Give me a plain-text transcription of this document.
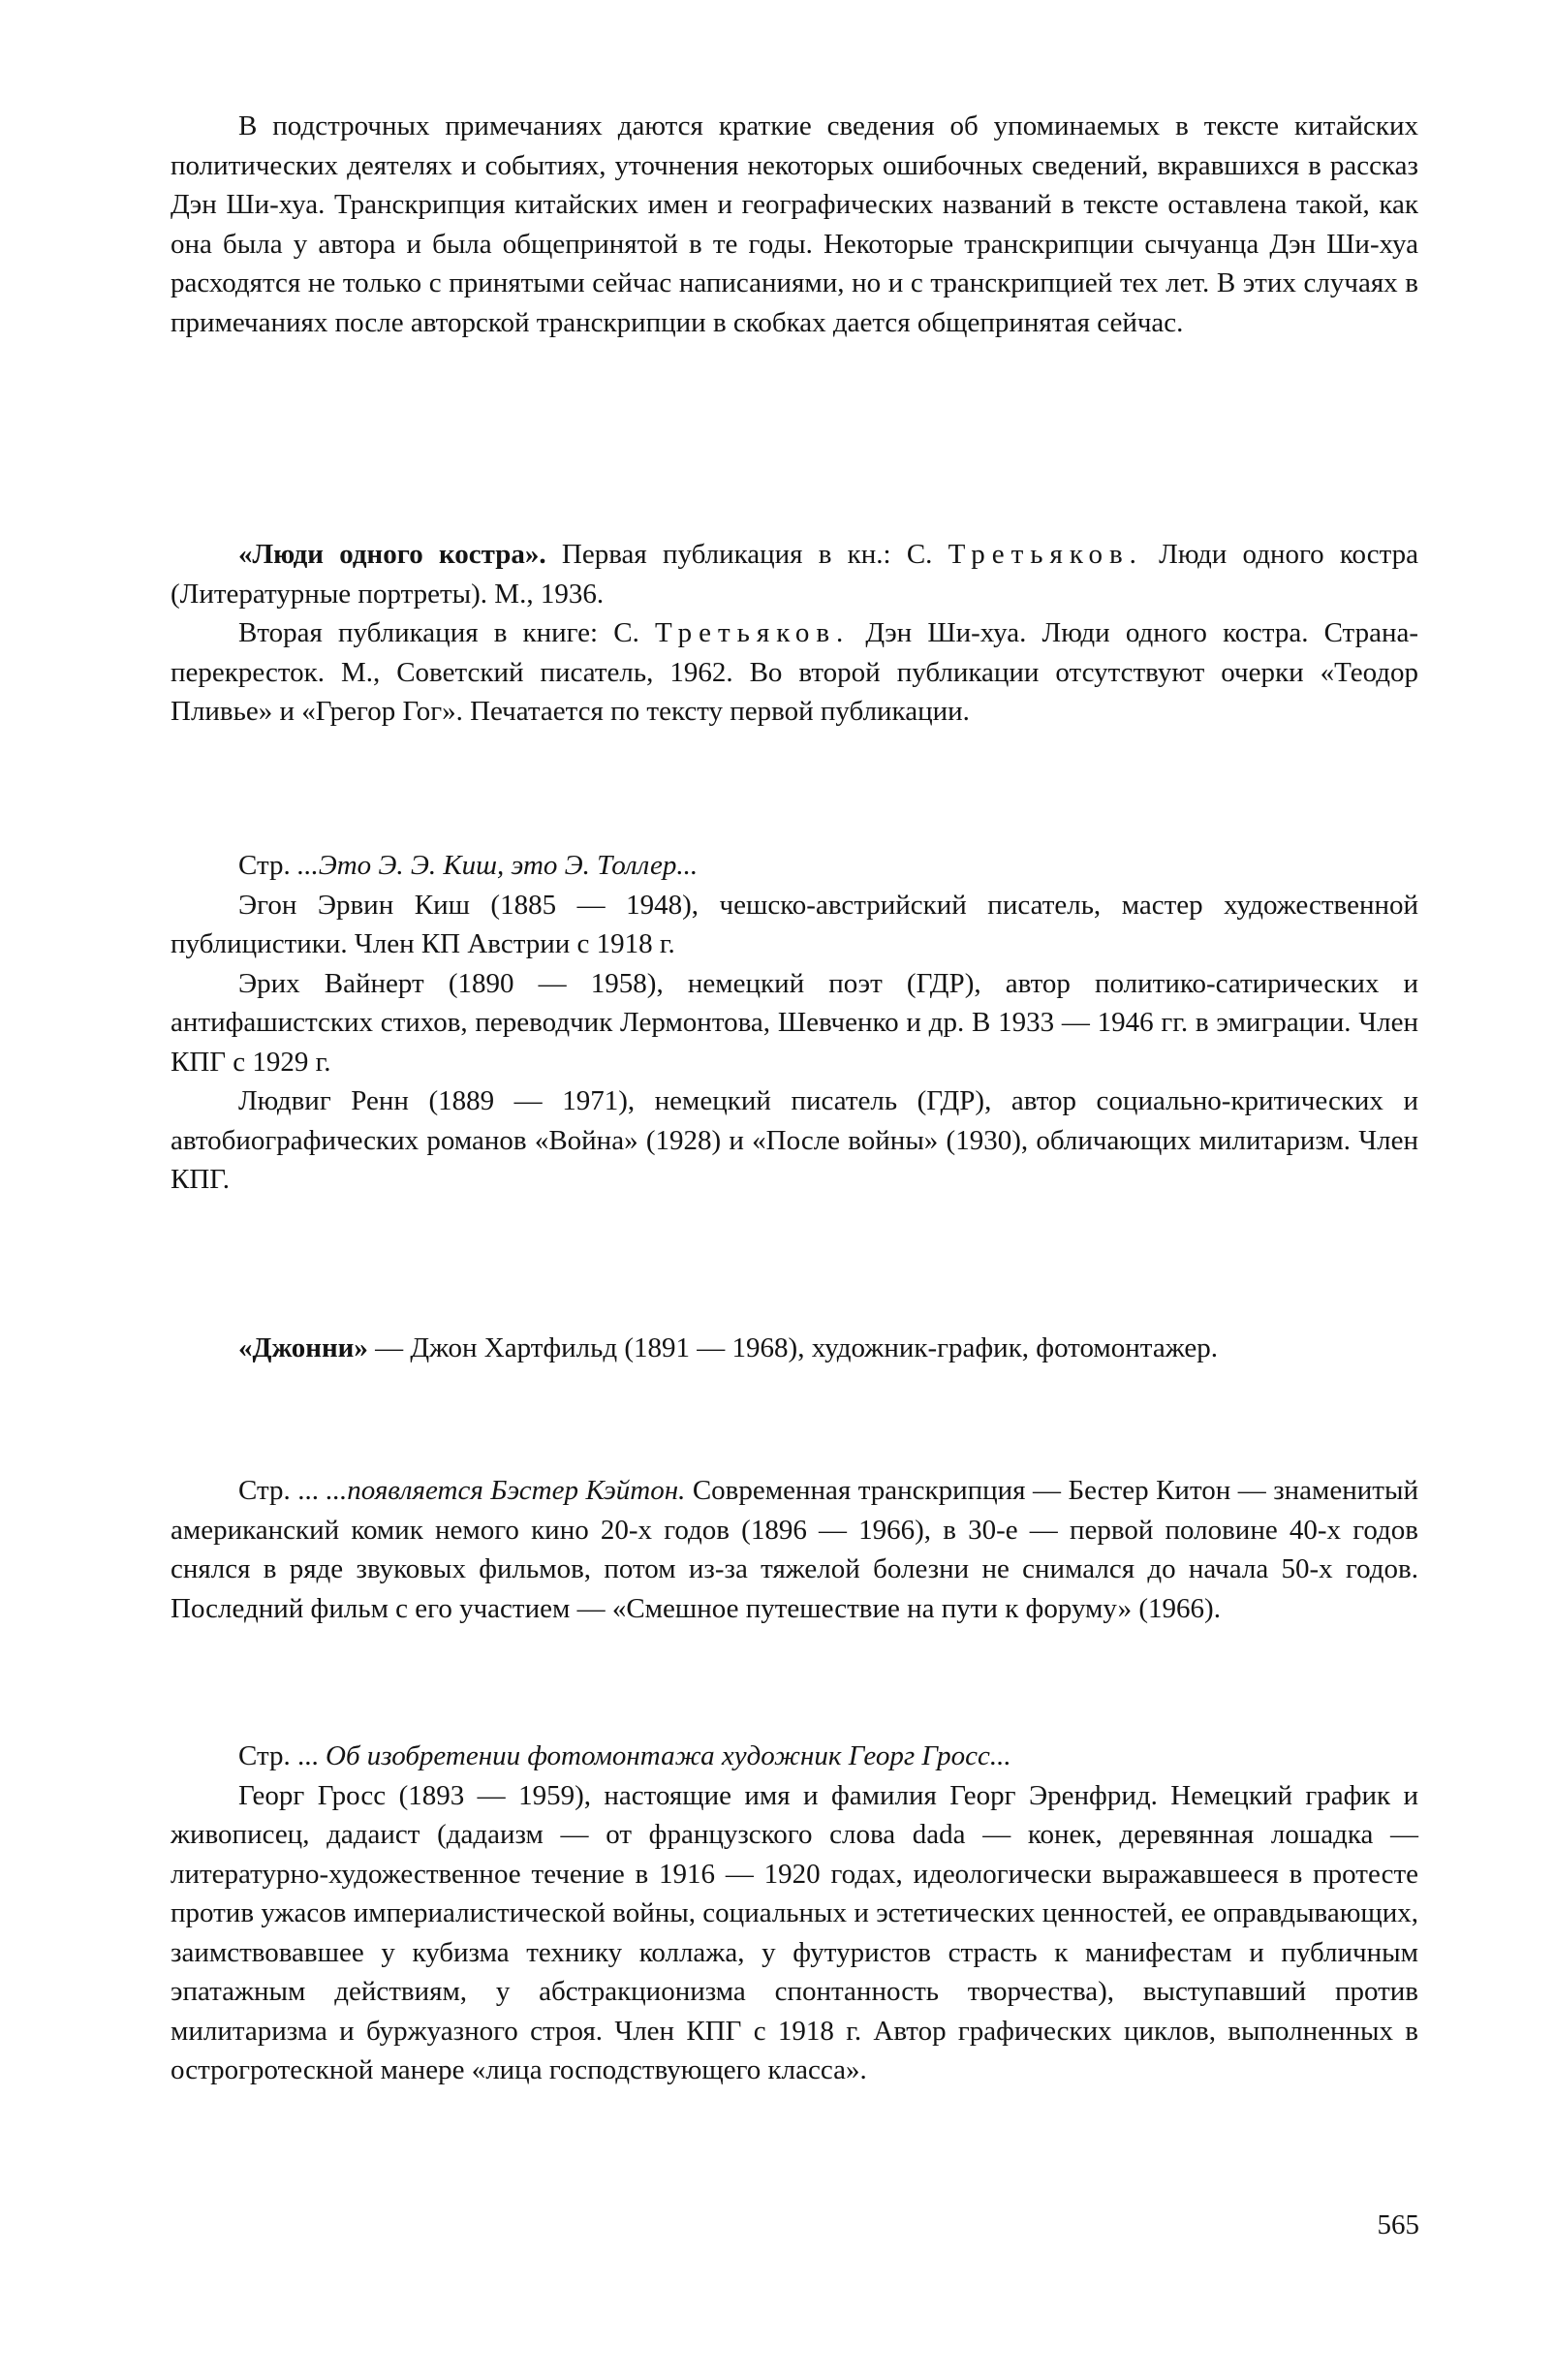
В подстрочных примечаниях даются краткие сведения об упоминаемых в тексте китайских политических деятелях и событиях, уточнения некоторых ошибочных сведений, вкравшихся в рассказ Дэн Ши-хуа. Транскрипция китайских имен и географических названий в тексте оставлена такой, как она была у автора и была общепринятой в те годы. Некоторые транскрипции сычуанца Дэн Ши-хуа расходятся не только с принятыми сейчас написаниями, но и с транскрипцией тех лет. В этих случаях в примечаниях после авторской транскрипции в скобках дается общепринятая сейчас.

«Люди одного костра». Первая публикация в кн.: С. Третьяков. Люди одного костра (Литературные портреты). М., 1936.

Вторая публикация в книге: С. Третьяков. Дэн Ши-хуа. Люди одного костра. Страна-перекресток. М., Советский писатель, 1962. Во второй публикации отсутствуют очерки «Теодор Пливье» и «Грегор Гог». Печатается по тексту первой публикации.

Стр. ...Это Э. Э. Киш, это Э. Толлер...

Эгон Эрвин Киш (1885 — 1948), чешско-австрийский писатель, мастер художественной публицистики. Член КП Австрии с 1918 г.

Эрих Вайнерт (1890 — 1958), немецкий поэт (ГДР), автор политико-сатирических и антифашистских стихов, переводчик Лермонтова, Шевченко и др. В 1933 — 1946 гг. в эмиграции. Член КПГ с 1929 г.

Людвиг Ренн (1889 — 1971), немецкий писатель (ГДР), автор социально-критических и автобиографических романов «Война» (1928) и «После войны» (1930), обличающих милитаризм. Член КПГ.

«Джонни» — Джон Хартфильд (1891 — 1968), художник-график, фотомонтажер.

Стр. ... ...появляется Бэстер Кэйтон. Современная транскрипция — Бестер Китон — знаменитый американский комик немого кино 20-х годов (1896 — 1966), в 30-е — первой половине 40-х годов снялся в ряде звуковых фильмов, потом из-за тяжелой болезни не снимался до начала 50-х годов. Последний фильм с его участием — «Смешное путешествие на пути к форуму» (1966).

Стр. ... Об изобретении фотомонтажа художник Георг Гросс...

Георг Гросс (1893 — 1959), настоящие имя и фамилия Георг Эренфрид. Немецкий график и живописец, дадаист (дадаизм — от французского слова dada — конек, деревянная лошадка — литературно-художественное течение в 1916 — 1920 годах, идеологически выражавшееся в протесте против ужасов империалистической войны, социальных и эстетических ценностей, ее оправдывающих, заимствовавшее у кубизма технику коллажа, у футуристов страсть к манифестам и публичным эпатажным действиям, у абстракционизма спонтанность творчества), выступавший против милитаризма и буржуазного строя. Член КПГ с 1918 г. Автор графических циклов, выполненных в острогротескной манере «лица господствующего класса».

565
